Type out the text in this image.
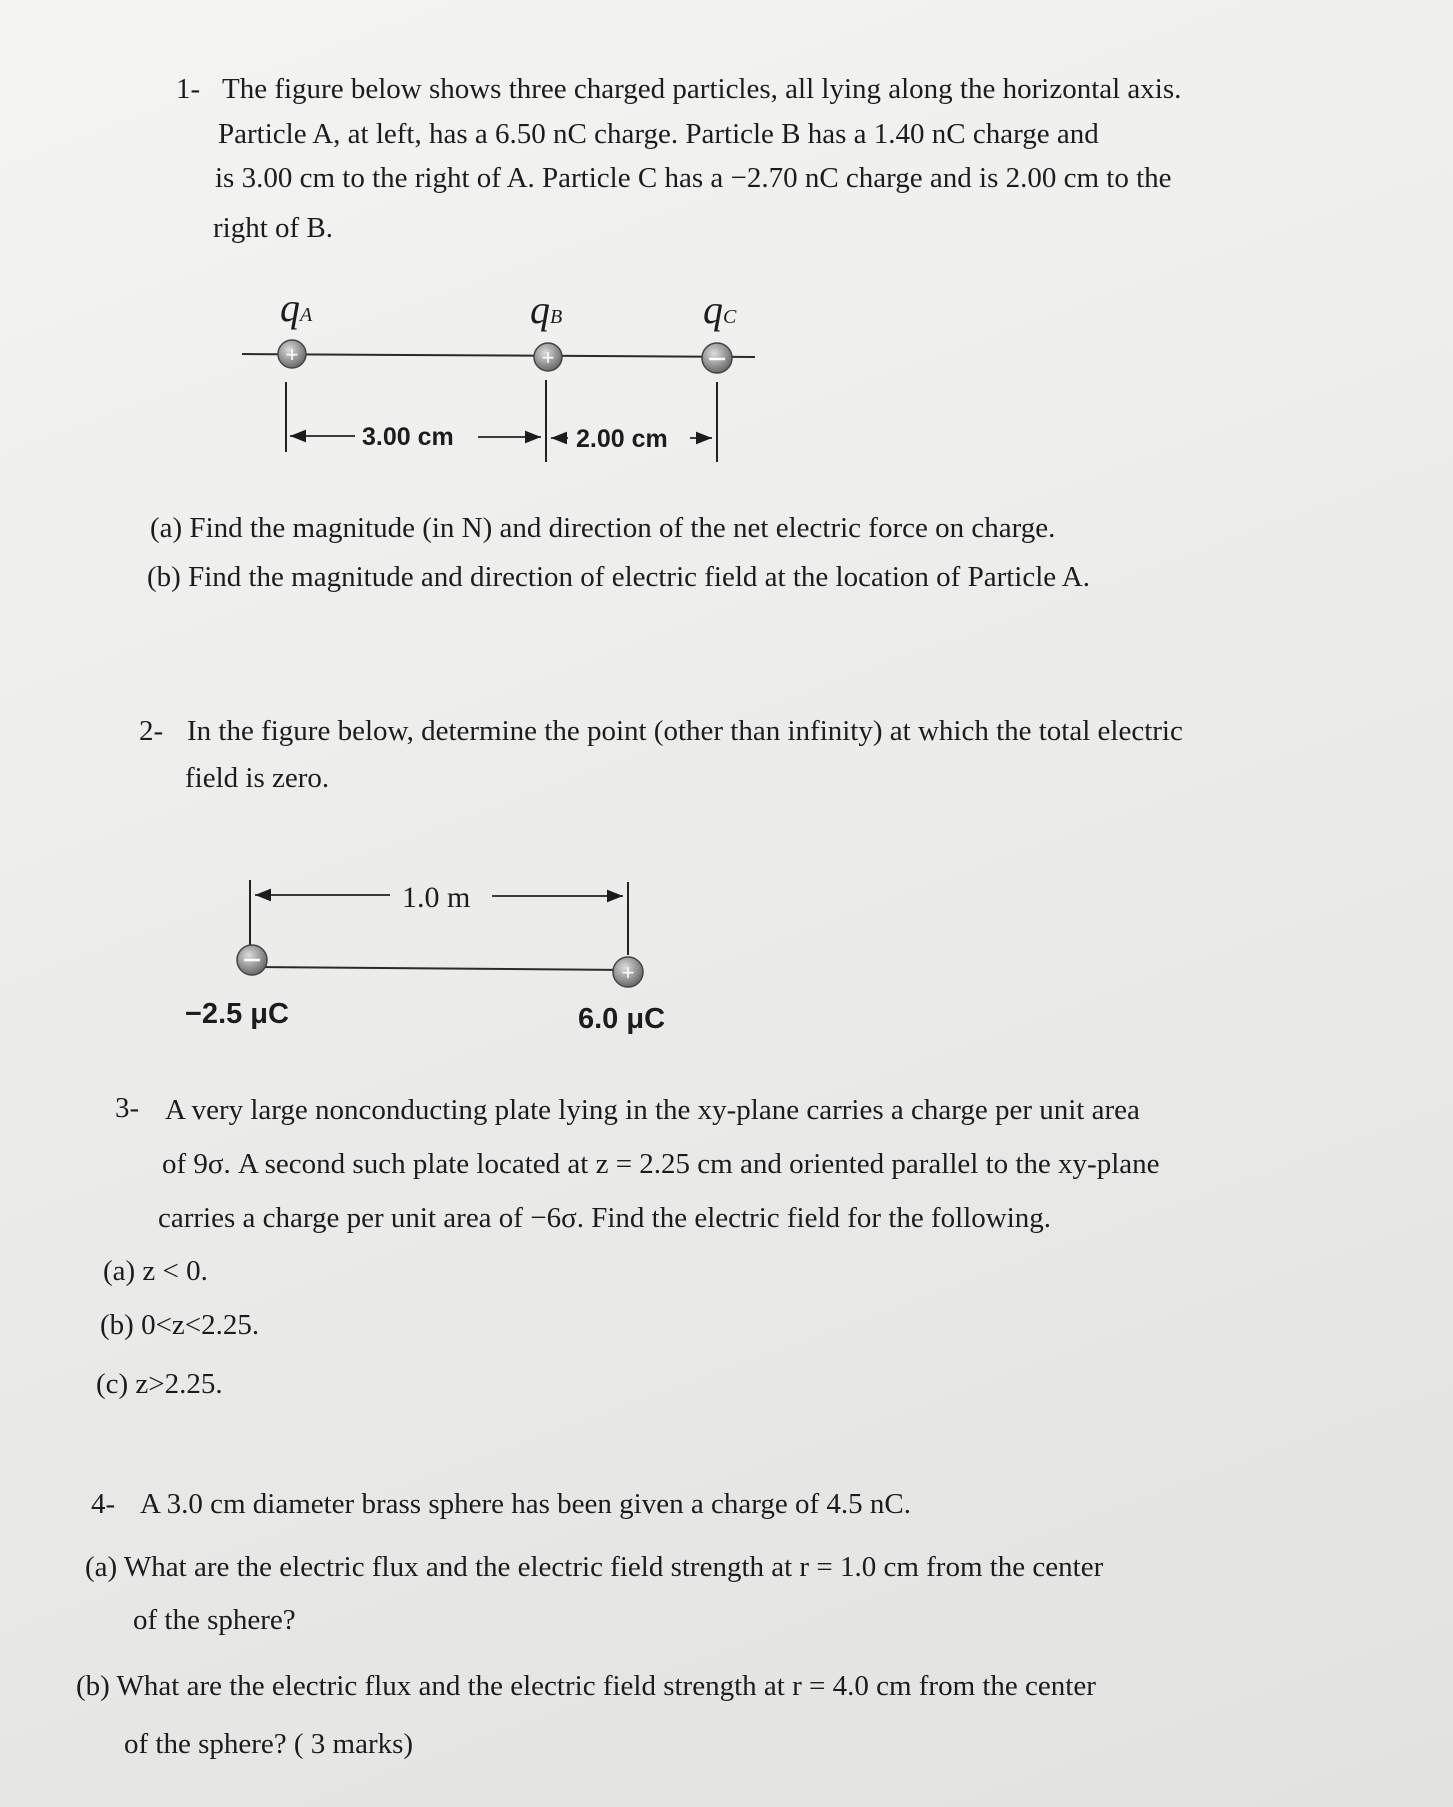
1- The figure below shows three charged particles, all lying along the horizontal axis.
Particle A, at left, has a 6.50 nC charge. Particle B has a 1.40 nC charge and
is 3.00 cm to the right of A. Particle C has a −2.70 nC charge and is 2.00 cm to the
right of B.
+	+
qA	qB	qC
3.00 cm	2.00 cm
(a) Find the magnitude (in N) and direction of the net electric force on charge.
(b) Find the magnitude and direction of electric field at the location of Particle A.
2- In the figure below, determine the point (other than infinity) at which the total electric
field is zero.
+
1.0 m
−2.5 μC	6.0 μC
3- A very large nonconducting plate lying in the xy-plane carries a charge per unit area
of 9σ. A second such plate located at z = 2.25 cm and oriented parallel to the xy-plane
carries a charge per unit area of −6σ. Find the electric field for the following.
(a) z < 0.
(b) 0<z<2.25.
(c) z>2.25.
4- A 3.0 cm diameter brass sphere has been given a charge of 4.5 nC.
(a) What are the electric flux and the electric field strength at r = 1.0 cm from the center
of the sphere?
(b) What are the electric flux and the electric field strength at r = 4.0 cm from the center
of the sphere? ( 3 marks)
